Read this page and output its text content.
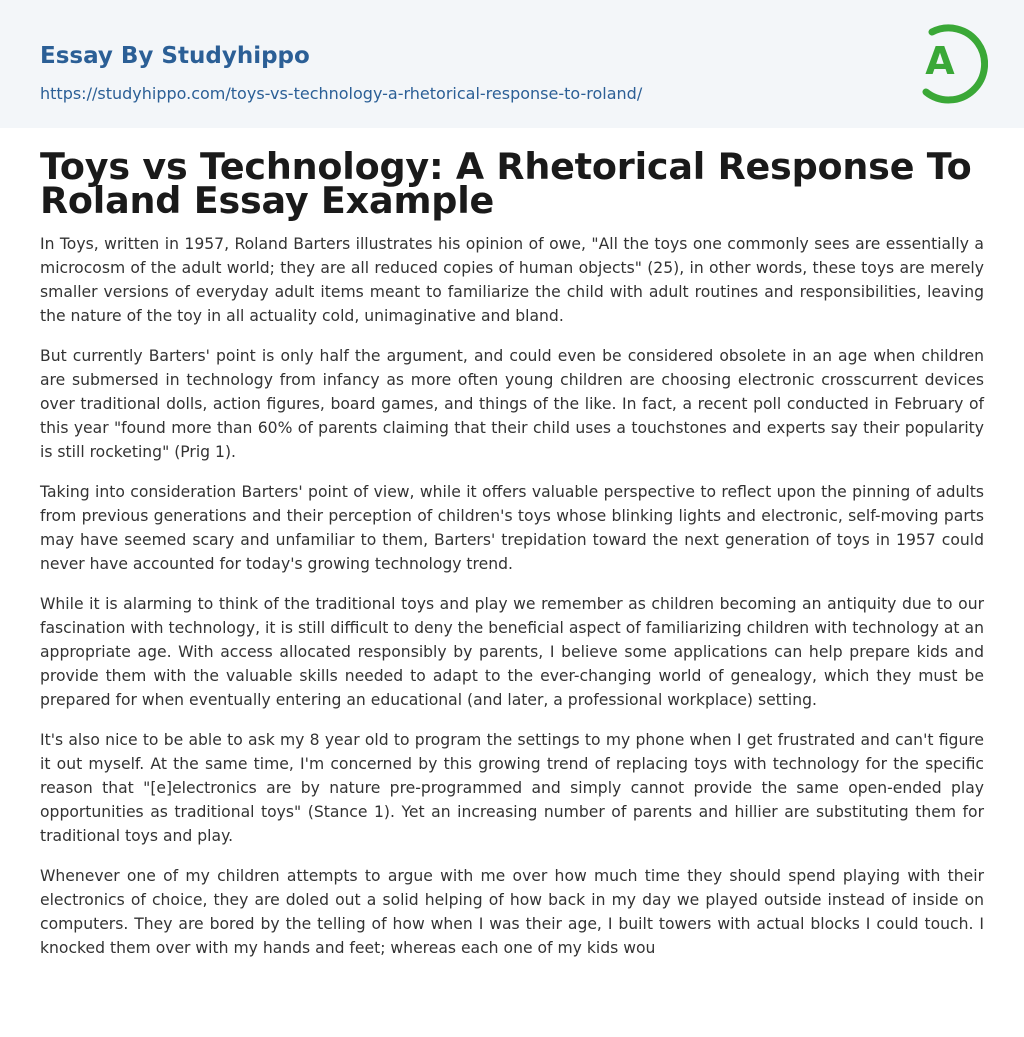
Essay By Studyhippo
https://studyhippo.com/toys-vs-technology-a-rhetorical-response-to-roland/
A
Toys vs Technology: A Rhetorical Response To Roland Essay Example

In Toys, written in 1957, Roland Barters illustrates his opinion of owe, "All the toys one commonly sees are essentially a microcosm of the adult world; they are all reduced copies of human objects" (25), in other words, these toys are merely smaller versions of everyday adult items meant to familiarize the child with adult routines and responsibilities, leaving the nature of the toy in all actuality cold, unimaginative and bland.

But currently Barters' point is only half the argument, and could even be considered obsolete in an age when children are submersed in technology from infancy as more often young children are choosing electronic crosscurrent devices over traditional dolls, action figures, board games, and things of the like. In fact, a recent poll conducted in February of this year "found more than 60% of parents claiming that their child uses a touchstones and experts say their popularity is still rocketing" (Prig 1).

Taking into consideration Barters' point of view, while it offers valuable perspective to reflect upon the pinning of adults from previous generations and their perception of children's toys whose blinking lights and electronic, self-moving parts may have seemed scary and unfamiliar to them, Barters' trepidation toward the next generation of toys in 1957 could never have accounted for today's growing technology trend.

While it is alarming to think of the traditional toys and play we remember as children becoming an antiquity due to our fascination with technology, it is still difficult to deny the beneficial aspect of familiarizing children with technology at an appropriate age. With access allocated responsibly by parents, I believe some applications can help prepare kids and provide them with the valuable skills needed to adapt to the ever-changing world of genealogy, which they must be prepared for when eventually entering an educational (and later, a professional workplace) setting.

It's also nice to be able to ask my 8 year old to program the settings to my phone when I get frustrated and can't figure it out myself. At the same time, I'm concerned by this growing trend of replacing toys with technology for the specific reason that "[e]electronics are by nature pre-programmed and simply cannot provide the same open-ended play opportunities as traditional toys" (Stance 1). Yet an increasing number of parents and hillier are substituting them for traditional toys and play.

Whenever one of my children attempts to argue with me over how much time they should spend playing with their electronics of choice, they are doled out a solid helping of how back in my day we played outside instead of inside on computers. They are bored by the telling of how when I was their age, I built towers with actual blocks I could touch. I knocked them over with my hands and feet; whereas each one of my kids wou
